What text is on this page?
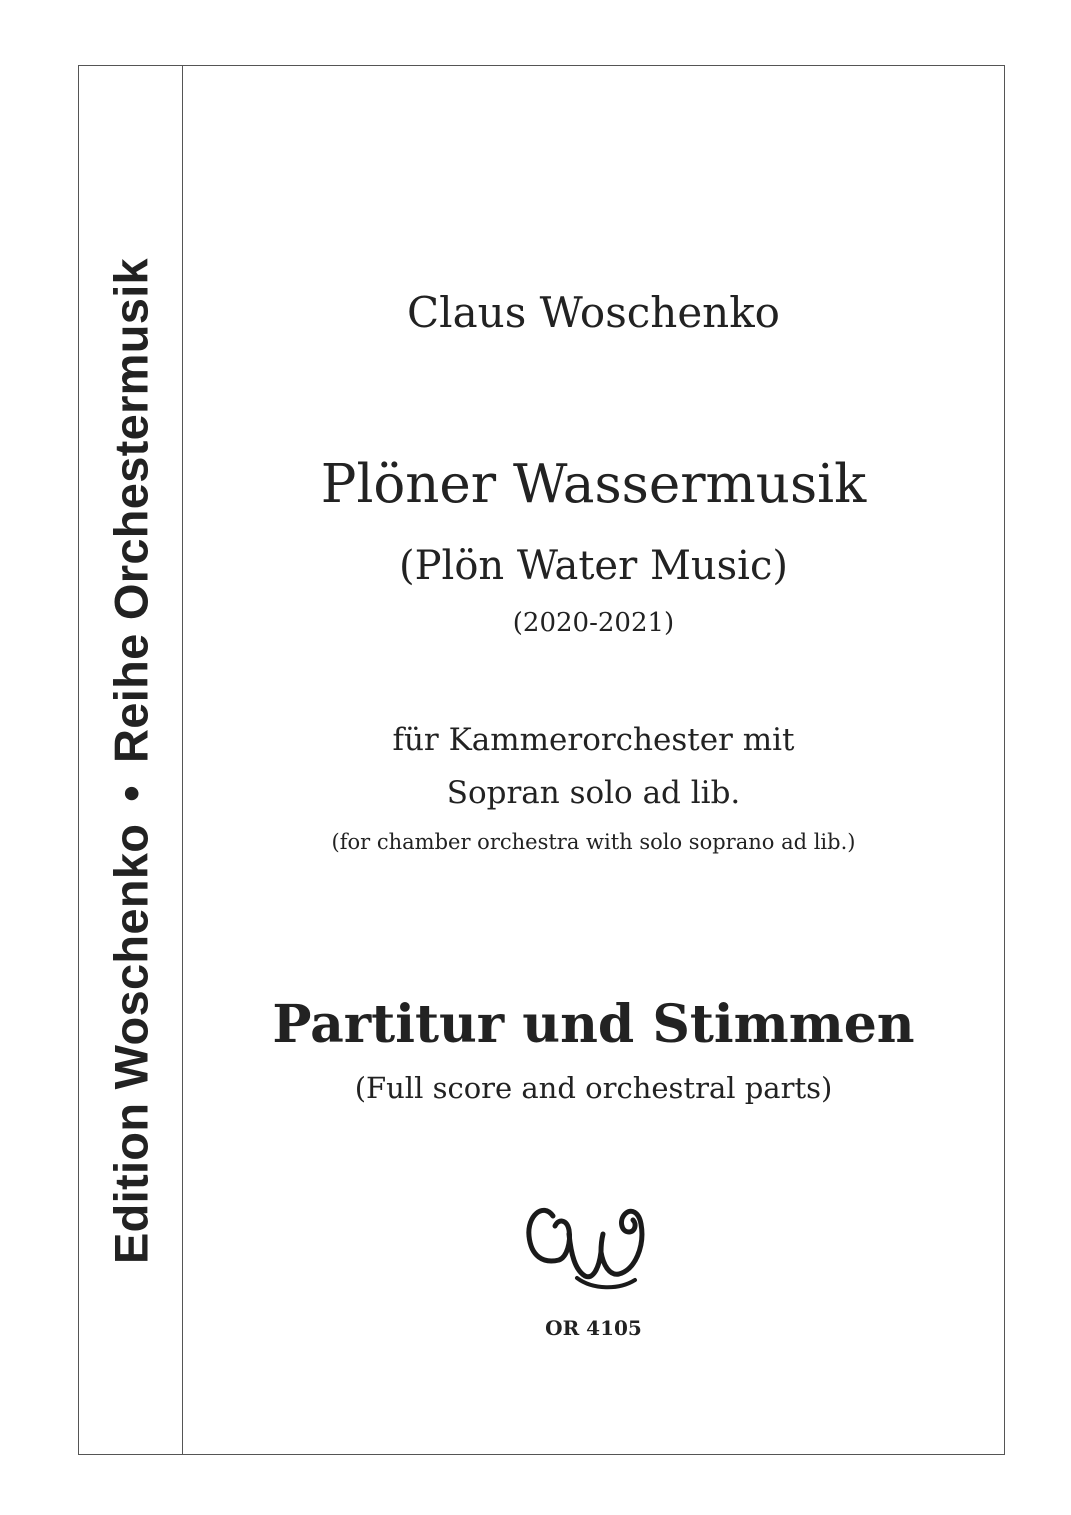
Edition Woschenko•Reihe Orchestermusik	Claus Woschenko
Plöner Wassermusik
(Plön Water Music)
(2020-2021)
für Kammerorchester mit
Sopran solo ad lib.
(for chamber orchestra with solo soprano ad lib.)
Partitur und Stimmen
(Full score and orchestral parts)
OR 4105
